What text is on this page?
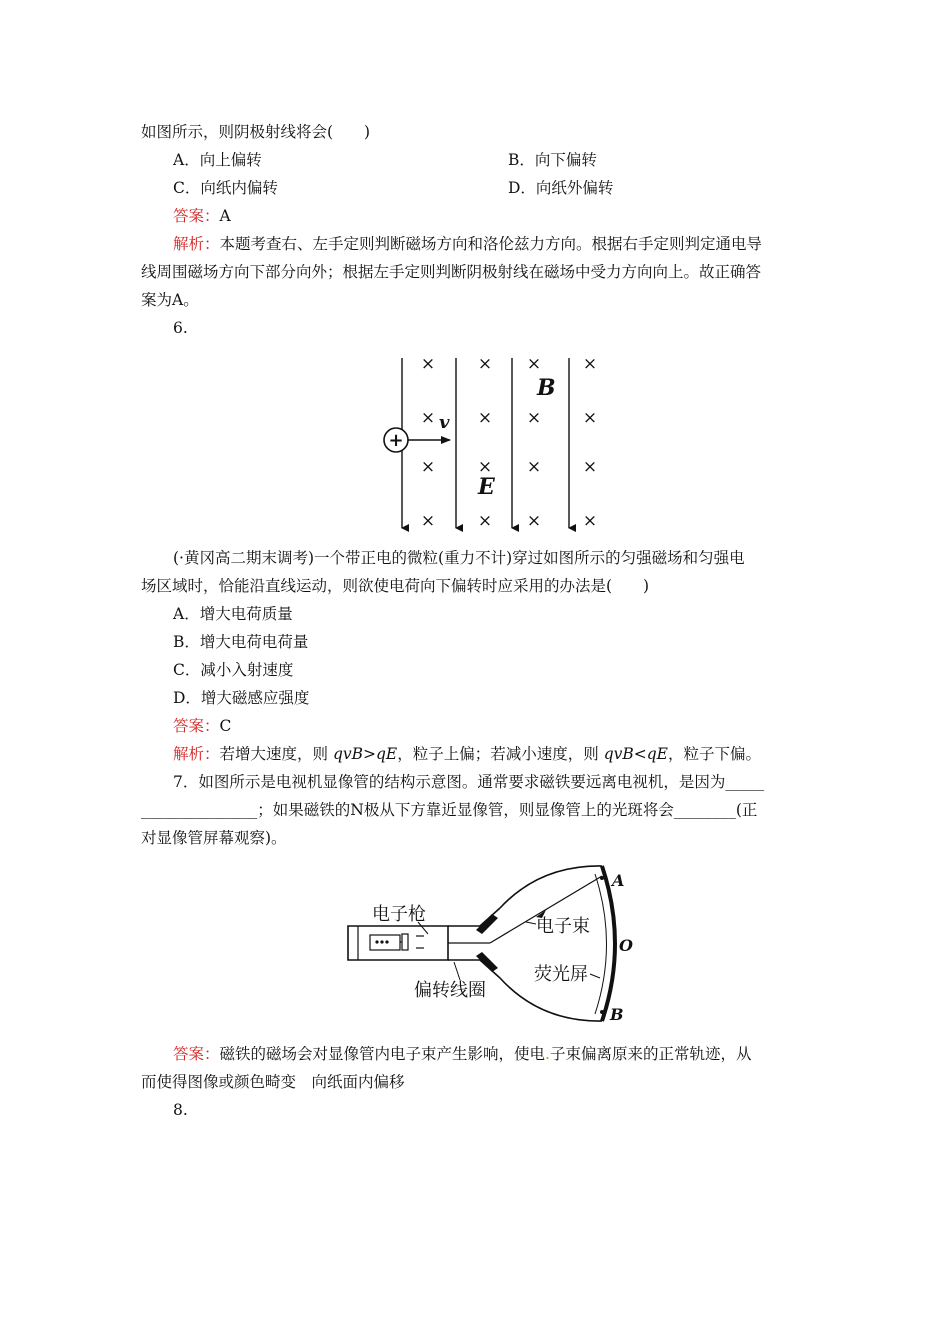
如图所示，则阴极射线将会(　　)
A．向上偏转	B．向下偏转
C．向纸内偏转	D．向纸外偏转
答案：A
解析：本题考查右、左手定则判断磁场方向和洛伦兹力方向。根据右手定则判定通电导
线周围磁场方向下部分向外；根据左手定则判断阴极射线在磁场中受力方向向上。故正确答
案为A。
6.
×	× × ×
×	× × ×
×	× × ×
×	× × ×
B
E
v
+
(·黄冈高二期末调考)一个带正电的微粒(重力不计)穿过如图所示的匀强磁场和匀强电
场区域时，恰能沿直线运动，则欲使电荷向下偏转时应采用的办法是(　　)
A．增大电荷质量
B．增大电荷电荷量
C．减小入射速度
D．增大磁感应强度
答案：C
解析：若增大速度，则 qvB>qE，粒子上偏；若减小速度，则 qvB<qE，粒子下偏。
7．如图所示是电视机显像管的结构示意图。通常要求磁铁要远离电视机，是因为_____
_______________；如果磁铁的N极从下方靠近显像管，则显像管上的光斑将会________(正
对显像管屏幕观察)。
电子枪
电子束
荧光屏
偏转线圈
A
O
B
答案：磁铁的磁场会对显像管内电子束产生影响，使电.子束偏离原来的正常轨迹，从
而使得图像或颜色畸变　向纸面内偏移
8.
